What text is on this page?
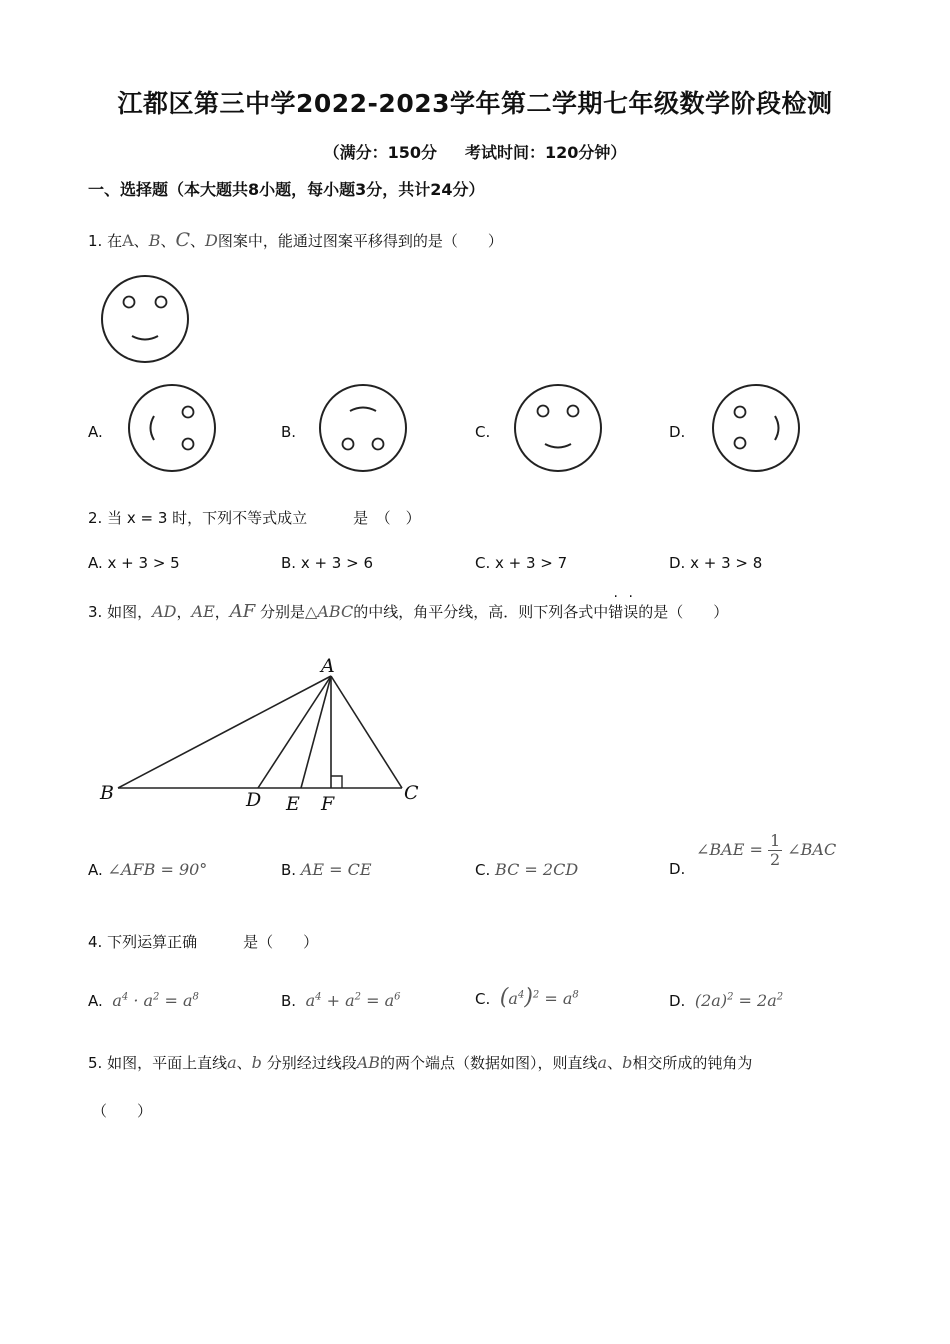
江都区第三中学2022-2023学年第二学期七年级数学阶段检测
（满分：150分 考试时间：120分钟）
一、选择题（本大题共8小题，每小题3分，共计24分）
1. 在A、B、C、D图案中，能通过图案平移得到的是（　　）
A.	B.	C.	D.
2. 当 x = 3 时，下列不等式成立	是　（　）
A. x + 3 > 5	B. x + 3 > 6	C. x + 3 > 7	D. x + 3 > 8
3. 如图，AD，AE，AF 分别是△ABC的中线，角平分线，高．则下列各式中错误的是（　　）
A
B	C
D E F
A. ∠AFB = 90°	B. AE = CE	C. BC = 2CD	D.
∠BAE = $\frac{1}{2}$ ∠BAC
4. 下列运算正确	是（　　）
A. $a^4 \cdot a^2 = a^8$	B. $a^4 + a^2 = a^6$	C. $(a^4)^2 = a^8$	D. $(2a)^2 = 2a^2$
5. 如图，平面上直线a、b 分别经过线段AB的两个端点（数据如图），则直线a、b相交所成的钝角为
（　　）
